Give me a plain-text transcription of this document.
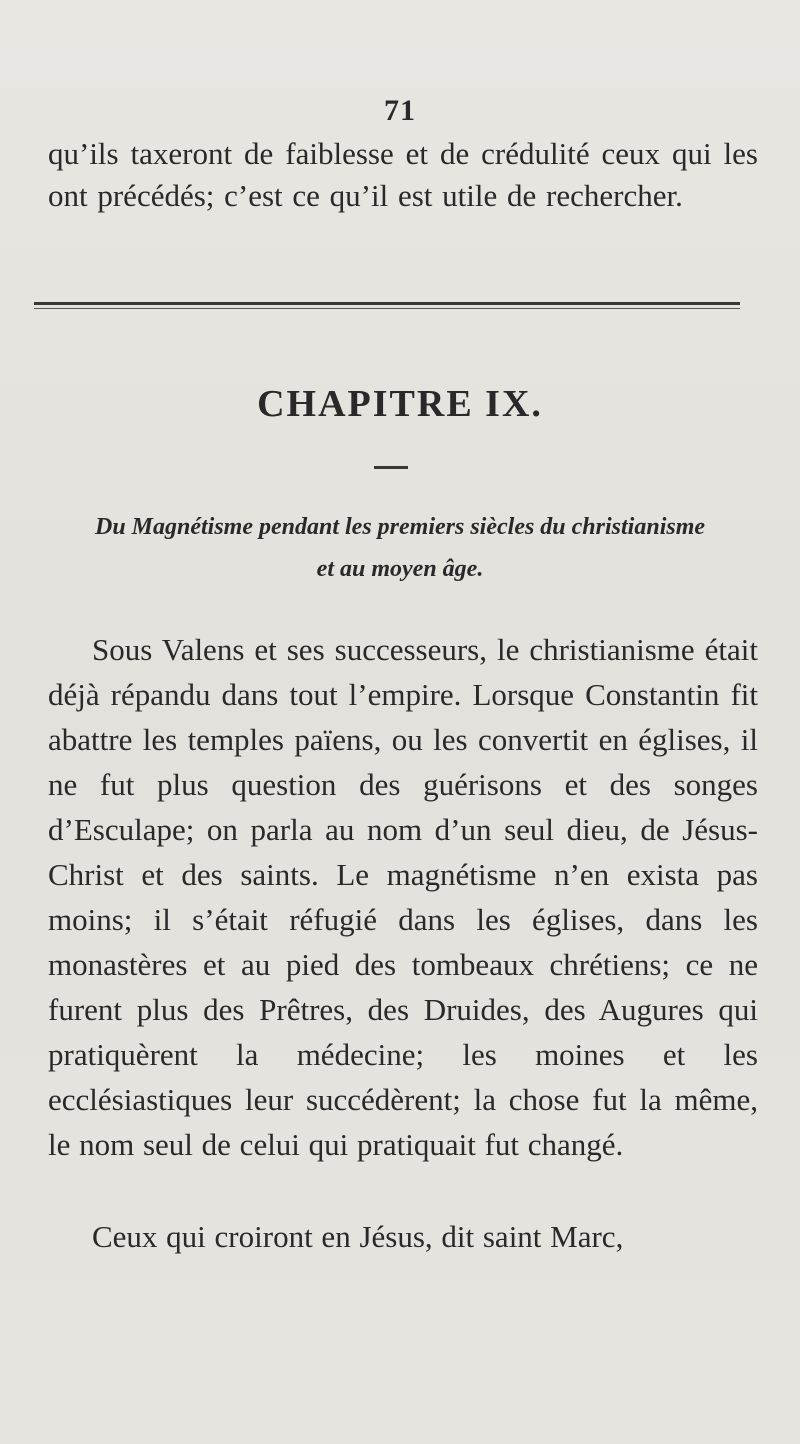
71

qu’ils taxeront de faiblesse et de crédulité ceux qui les ont précédés; c’est ce qu’il est utile de rechercher.

CHAPITRE IX.
Du Magnétisme pendant les premiers siècles du christianisme
et au moyen âge.

Sous Valens et ses successeurs, le christianisme était déjà répandu dans tout l’empire. Lorsque Constantin fit abattre les temples païens, ou les convertit en églises, il ne fut plus question des guérisons et des songes d’Esculape; on parla au nom d’un seul dieu, de Jésus-Christ et des saints. Le magnétisme n’en exista pas moins; il s’était réfugié dans les églises, dans les monastères et au pied des tombeaux chrétiens; ce ne furent plus des Prêtres, des Druides, des Augures qui pratiquèrent la médecine; les moines et les ecclésiastiques leur succédèrent; la chose fut la même, le nom seul de celui qui pratiquait fut changé.

Ceux qui croiront en Jésus, dit saint Marc,
